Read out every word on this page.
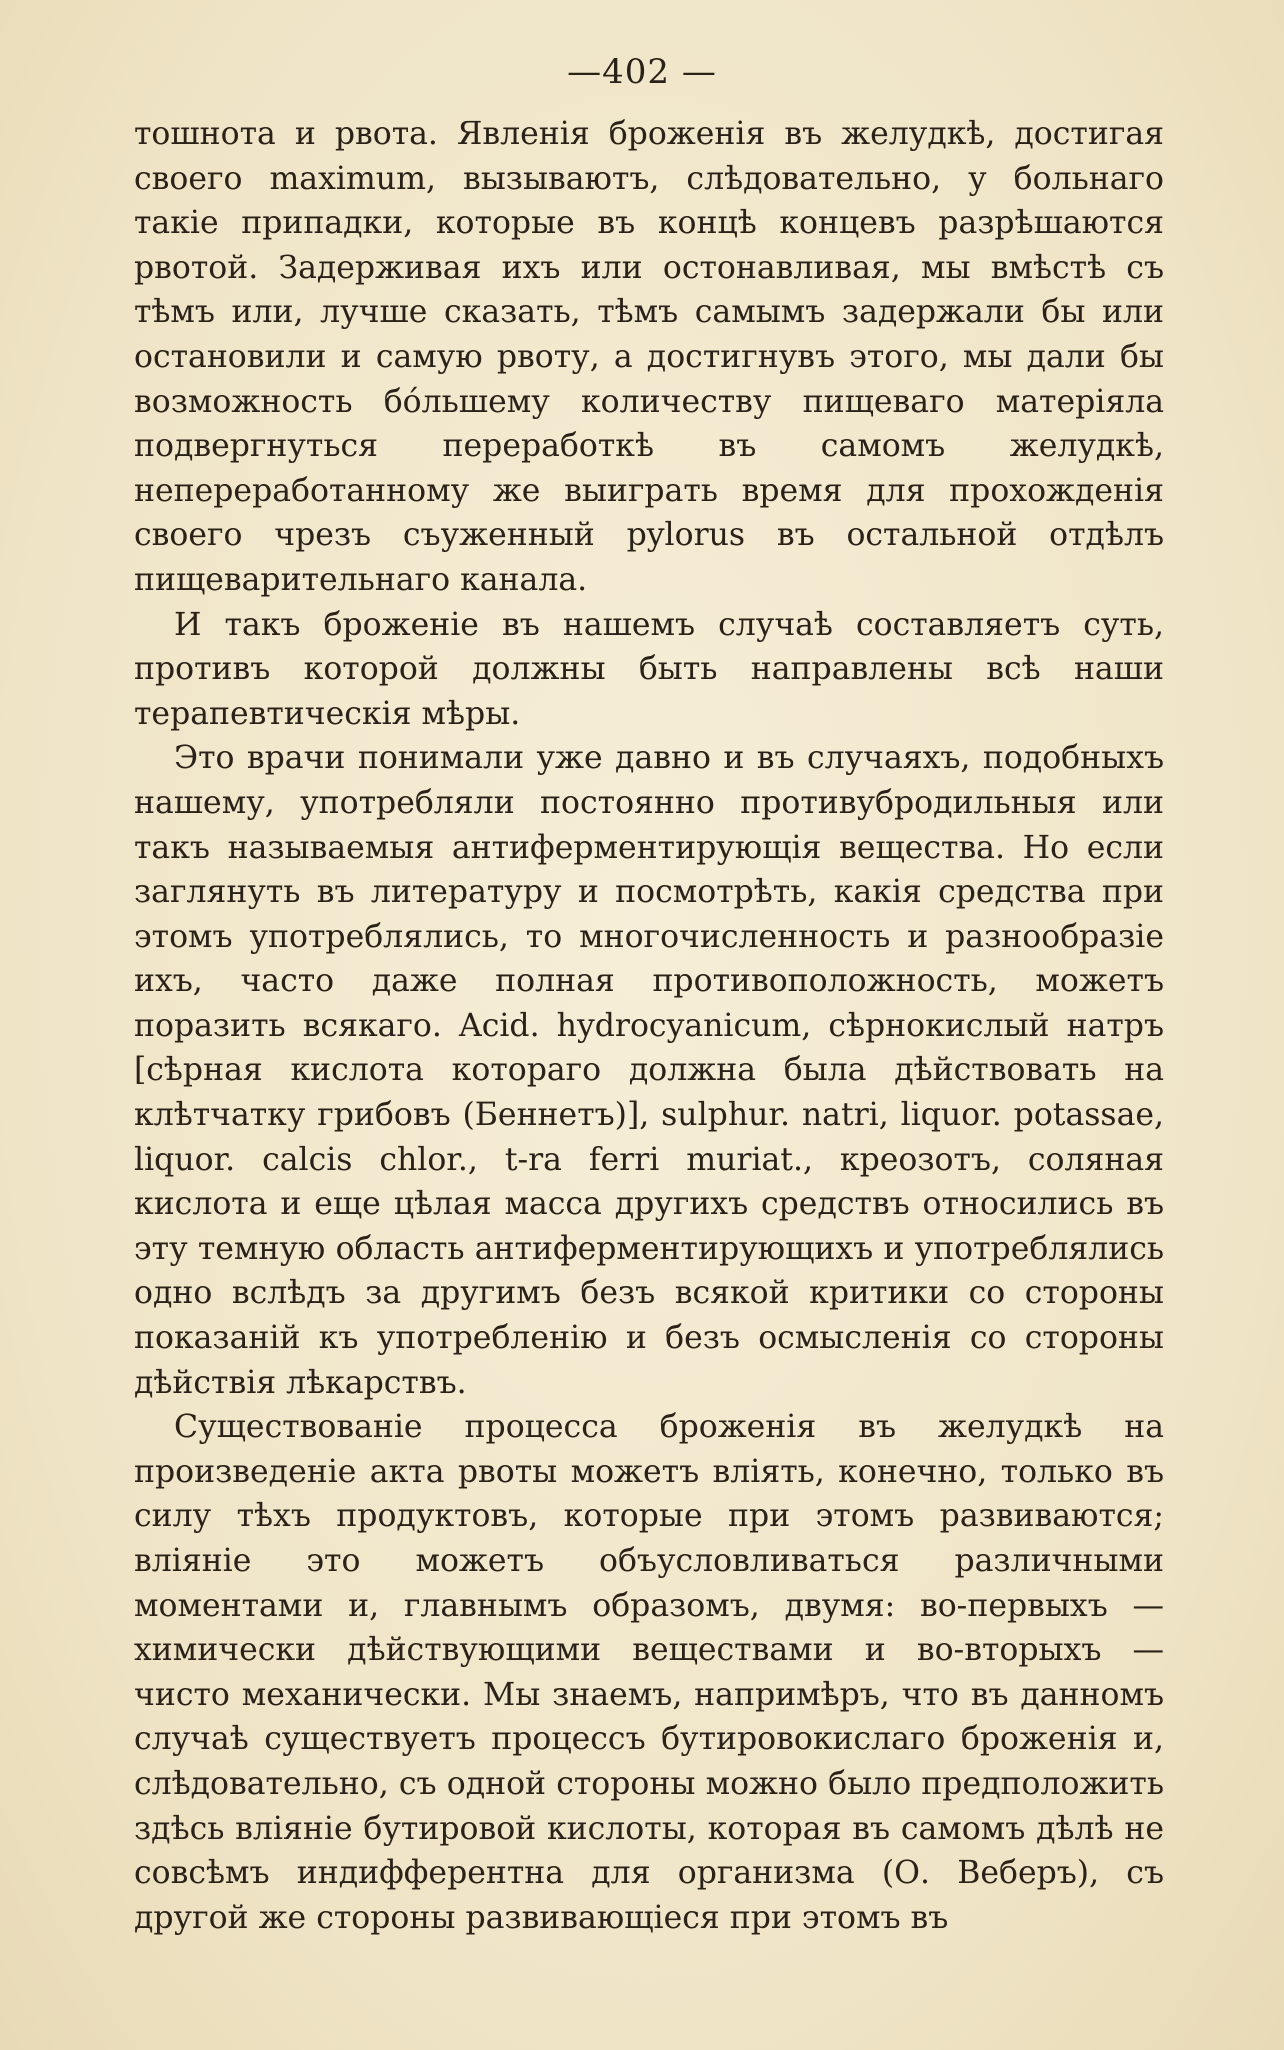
—402 —

тошнота и рвота. Явленія броженія въ желудкѣ, достигая своего maximum, вызываютъ, слѣдовательно, у больнаго такіе припадки, которые въ концѣ концевъ разрѣшаются рвотой. Задерживая ихъ или остонавливая, мы вмѣстѣ съ тѣмъ или, лучше сказать, тѣмъ самымъ задержали бы или остановили и самую рвоту, а достигнувъ этого, мы дали бы возможность бо́льшему количеству пищеваго матеріяла подвергнуться переработкѣ въ самомъ желудкѣ, непереработанному же выиграть время для прохожденія своего чрезъ съуженный pylorus въ остальной отдѣлъ пищеварительнаго канала.

И такъ броженіе въ нашемъ случаѣ составляетъ суть, противъ которой должны быть направлены всѣ наши терапевтическія мѣры.

Это врачи понимали уже давно и въ случаяхъ, подобныхъ нашему, употребляли постоянно противубродильныя или такъ называемыя антиферментирующія вещества. Но если заглянуть въ литературу и посмотрѣть, какія средства при этомъ употреблялись, то многочисленность и разнообразіе ихъ, часто даже полная противоположность, можетъ поразить всякаго. Acid. hydrocyanicum, сѣрнокислый натръ [сѣрная кислота котораго должна была дѣйствовать на клѣтчатку грибовъ (Беннетъ)], sulphur. natri, liquor. potassae, liquor. calcis chlor., t-ra ferri muriat., креозотъ, соляная кислота и еще цѣлая масса другихъ средствъ относились въ эту темную область антиферментирующихъ и употреблялись одно вслѣдъ за другимъ безъ всякой критики со стороны показаній къ употребленію и безъ осмысленія со стороны дѣйствія лѣкарствъ.

Существованіе процесса броженія въ желудкѣ на произведеніе акта рвоты можетъ вліять, конечно, только въ силу тѣхъ продуктовъ, которые при этомъ развиваются; вліяніе это можетъ объусловливаться различными моментами и, главнымъ образомъ, двумя: во-первыхъ — химически дѣйствующими веществами и во-вторыхъ — чисто механически. Мы знаемъ, напримѣръ, что въ данномъ случаѣ существуетъ процессъ бутировокислаго броженія и, слѣдовательно, съ одной стороны можно было предположить здѣсь вліяніе бутировой кислоты, которая въ самомъ дѣлѣ не совсѣмъ индифферентна для организма (О. Веберъ), съ другой же стороны развивающіеся при этомъ въ
